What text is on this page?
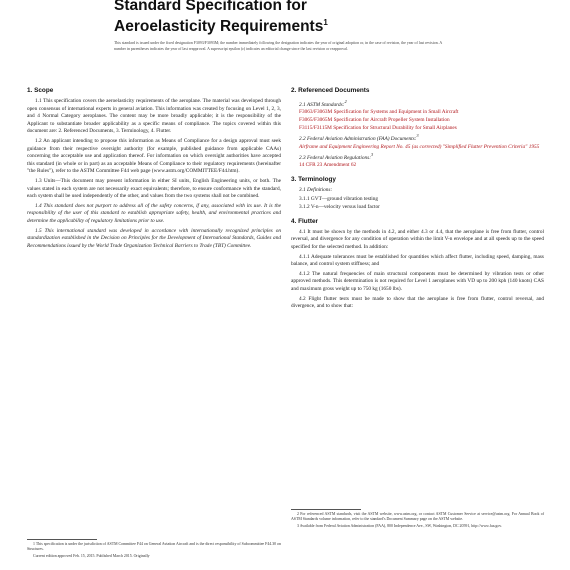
Standard Specification for
Aeroelasticity Requirements$^1$
This standard is issued under the fixed designation F3093/F3093M; the number immediately following the designation indicates the year of original adoption or, in the case of revision, the year of last revision. A number in parentheses indicates the year of last reapproval. A superscript epsilon (ε) indicates an editorial change since the last revision or reapproval.
1. Scope

1.1 This specification covers the aeroelasticity requirements of the aeroplane. The material was developed through open consensus of international experts in general aviation. This information was created by focusing on Level 1, 2, 3, and 4 Normal Category aeroplanes. The content may be more broadly applicable; it is the responsibility of the Applicant to substantiate broader applicability as a specific means of compliance. The topics covered within this document are: 2. Referenced Documents, 3. Terminology, 4. Flutter.

1.2 An applicant intending to propose this information as Means of Compliance for a design approval must seek guidance from their respective oversight authority (for example, published guidance from applicable CAAs) concerning the acceptable use and application thereof. For information on which oversight authorities have accepted this standard (in whole or in part) as an acceptable Means of Compliance to their regulatory requirements (hereinafter "the Rules"), refer to the ASTM Committee F44 web page (www.astm.org/COMMITTEE/F44.htm).

1.3 Units—This document may present information in either SI units, English Engineering units, or both. The values stated in each system are not necessarily exact equivalents; therefore, to ensure conformance with the standard, each system shall be used independently of the other, and values from the two systems shall not be combined.

1.4 This standard does not purport to address all of the safety concerns, if any, associated with its use. It is the responsibility of the user of this standard to establish appropriate safety, health, and environmental practices and determine the applicability of regulatory limitations prior to use.

1.5 This international standard was developed in accordance with internationally recognized principles on standardization established in the Decision on Principles for the Development of International Standards, Guides and Recommendations issued by the World Trade Organization Technical Barriers to Trade (TBT) Committee.

2. Referenced Documents

2.1 ASTM Standards:$^2$

F3063/F3063M Specification for Systems and Equipment in Small Aircraft

F3065/F3065M Specification for Aircraft Propeller System Installation

F3115/F3115M Specification for Structural Durability for Small Airplanes

2.2 Federal Aviation Administration (FAA) Documents:$^3$

Airframe and Equipment Engineering Report No. 45 (as corrected) "Simplified Flutter Prevention Criteria" 1955

2.3 Federal Aviation Regulations:$^3$

14 CFR 23 Amendment 62

3. Terminology

3.1 Definitions:

3.1.1 GVT—ground vibration testing

3.1.2 V-n—velocity versus load factor

4. Flutter

4.1 It must be shown by the methods in 4.2, and either 4.3 or 4.4, that the aeroplane is free from flutter, control reversal, and divergence for any condition of operation within the limit V-n envelope and at all speeds up to the speed specified for the selected method. In addition:

4.1.1 Adequate tolerances must be established for quantities which affect flutter, including speed, damping, mass balance, and control system stiffness; and

4.1.2 The natural frequencies of main structural components must be determined by vibration tests or other approved methods. This determination is not required for Level 1 aeroplanes with VD up to 200 kph (140 knots) CAS and maximum gross weight up to 750 kg (1650 lbs).

4.2 Flight flutter tests must be made to show that the aeroplane is free from flutter, control reversal, and divergence, and to show that:

1 This specification is under the jurisdiction of ASTM Committee F44 on General Aviation Aircraft and is the direct responsibility of Subcommittee F44.30 on Structures.

Current edition approved Feb. 15, 2015. Published March 2015. Originally

2 For referenced ASTM standards, visit the ASTM website, www.astm.org, or contact ASTM Customer Service at service@astm.org. For Annual Book of ASTM Standards volume information, refer to the standard's Document Summary page on the ASTM website.

3 Available from Federal Aviation Administration (FAA), 800 Independence Ave., SW, Washington, DC 20591, http://www.faa.gov.
